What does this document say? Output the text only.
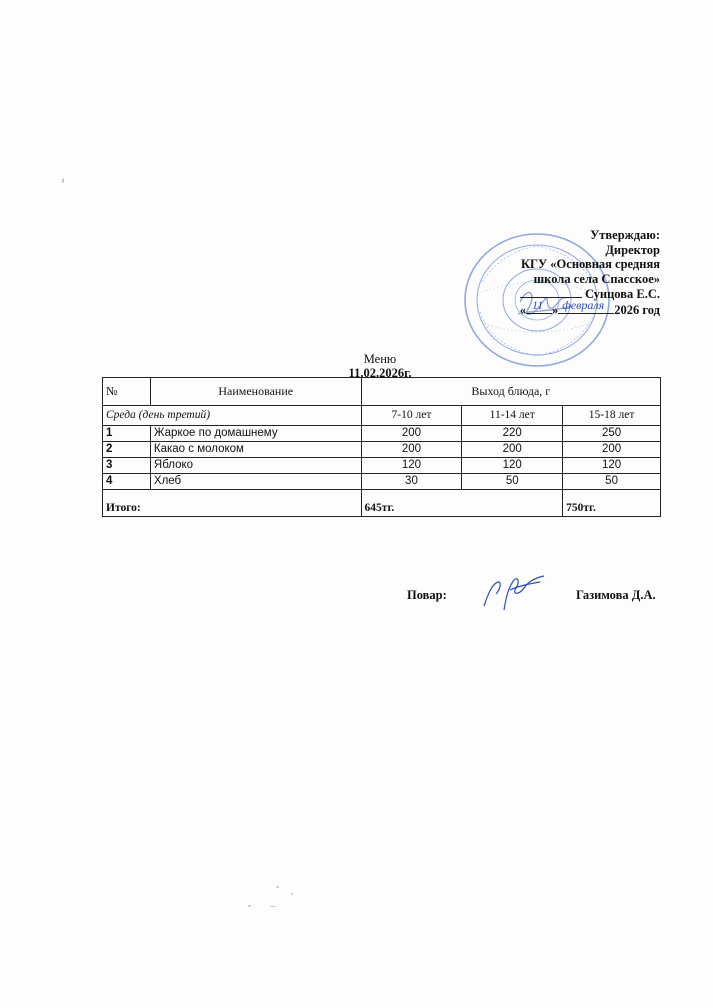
Утверждаю:
Директор
КГУ «Основная средняя
школа села Спасское»
Сунцова Е.С.
« 11 » февраля 2026 год
Меню
11.02.2026г.
№	Наименование	Выход блюда, г		
Среда (день третий)		7-10 лет	11-14 лет	15-18 лет
1	Жаркое по домашнему	200	220	250
2	Какао с молоком	200	200	200
3	Яблоко	120	120	120
4	Хлеб	30	50	50

Итого:		645тг.		750тг.
Повар:
Гф
Газимова Д.А.
